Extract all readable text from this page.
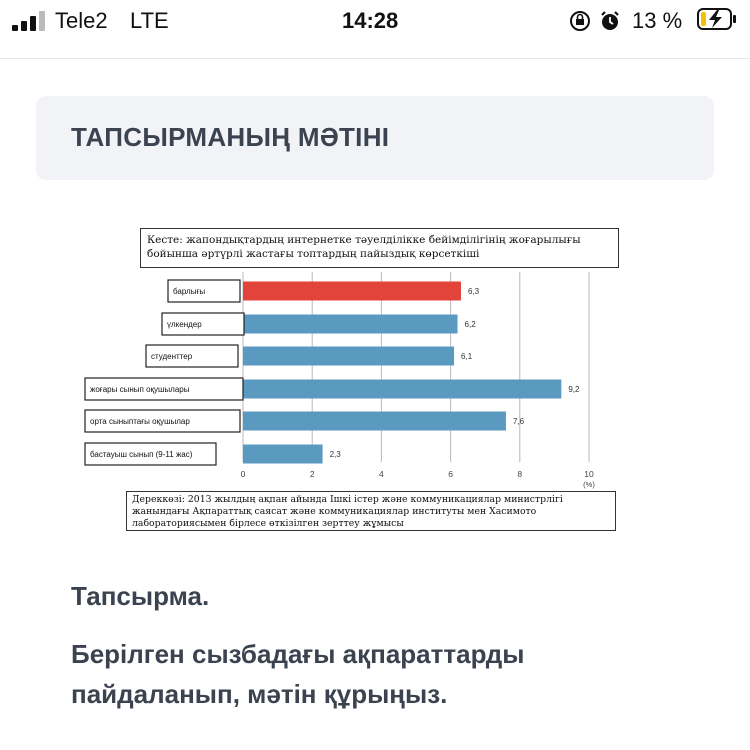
Tele2 LTE	14:28	13 %
ТАПСЫРМАНЫҢ МӘТІНІ
Кесте: жапондықтардың интернетке тәуелділікке бейімділігінің жоғарылығы бойынша әртүрлі жастағы топтардың пайыздық көрсеткіші
0	2	4	6	8	10
(%)
6,3
барлығы
6,2
үлкендер
6,1
студенттер
9,2
жоғары сынып оқушылары
7,6
орта сыныптағы оқушылар
2,3
бастауыш сынып (9-11 жас)
Дереккөзі: 2013 жылдың ақпан айында Ішкі істер және коммуникациялар министрлігі жанындағы Ақпараттық саясат және коммуникациялар институты мен Хасимото лабораториясымен бірлесе өткізілген зерттеу жұмысы

Тапсырма.

Берілген сызбадағы ақпараттарды пайдаланып, мәтін құрыңыз.
